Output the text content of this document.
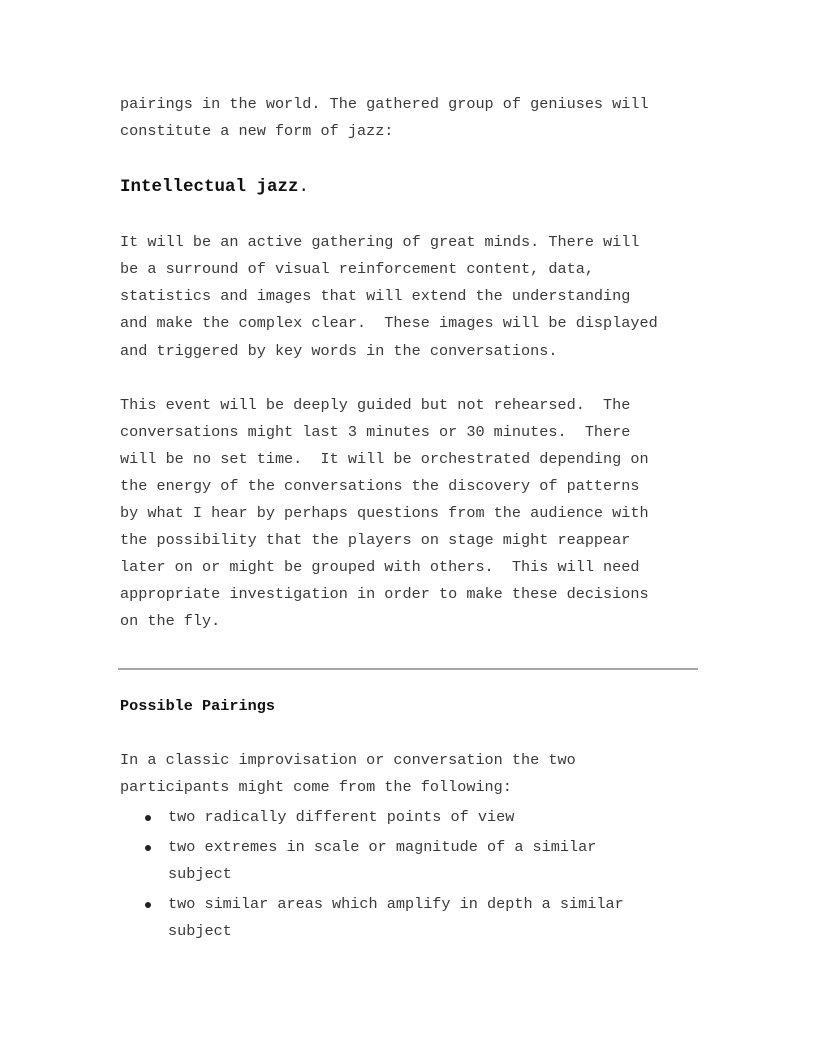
pairings in the world. The gathered group of geniuses will
constitute a new form of jazz:

Intellectual jazz.

It will be an active gathering of great minds. There will
be a surround of visual reinforcement content, data,
statistics and images that will extend the understanding
and make the complex clear.  These images will be displayed
and triggered by key words in the conversations.

This event will be deeply guided but not rehearsed.  The
conversations might last 3 minutes or 30 minutes.  There
will be no set time.  It will be orchestrated depending on
the energy of the conversations the discovery of patterns
by what I hear by perhaps questions from the audience with
the possibility that the players on stage might reappear
later on or might be grouped with others.  This will need
appropriate investigation in order to make these decisions
on the fly.

Possible Pairings

In a classic improvisation or conversation the two
participants might come from the following:

two radically different points of view

two extremes in scale or magnitude of a similar
subject

two similar areas which amplify in depth a similar
subject
